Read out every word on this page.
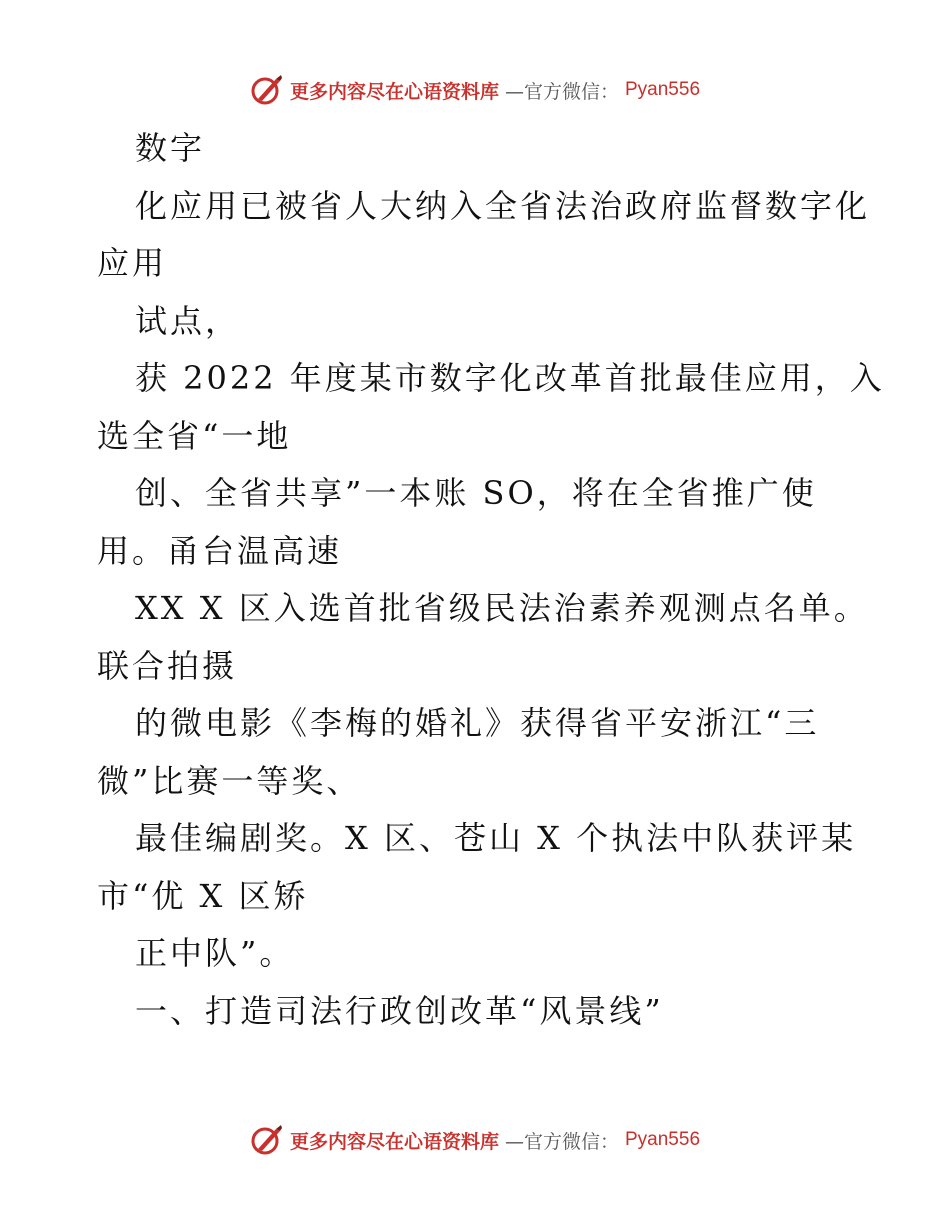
更多内容尽在心语资料库 —官方微信： Pyan556
数字
化应用已被省人大纳入全省法治政府监督数字化
应用
试点，
获 2022 年度某市数字化改革首批最佳应用，入
选全省“一地
创、全省共享”一本账 SO，将在全省推广使
用。甬台温高速
XX X 区入选首批省级民法治素养观测点名单。
联合拍摄
的微电影《李梅的婚礼》获得省平安浙江“三
微”比赛一等奖、
最佳编剧奖。X 区、苍山 X 个执法中队获评某
市“优 X 区矫
正中队”。
一、打造司法行政创改革“风景线”
更多内容尽在心语资料库 —官方微信： Pyan556
